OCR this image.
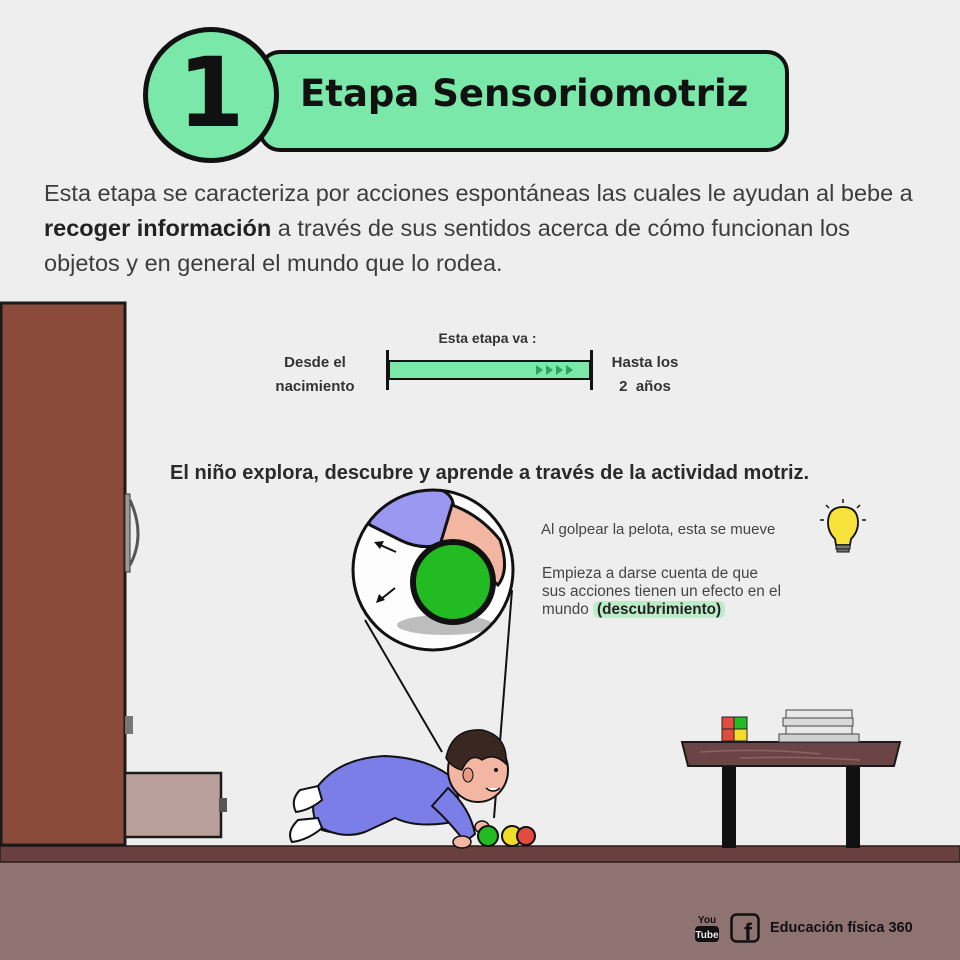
1 Etapa Sensoriomotriz
Esta etapa se caracteriza por acciones espontáneas las cuales le ayudan al bebe a recoger información a través de sus sentidos acerca de cómo funcionan los objetos y en general el mundo que lo rodea.
Esta etapa va :
Desde el
nacimiento
Hasta los
2  años
El niño explora, descubre y aprende a través de la actividad motriz.
Al golpear la pelota, esta se mueve
Empieza a darse cuenta de que
sus acciones tienen un efecto en el
mundo (descubrimiento)
You
Tube f Educación física 360
